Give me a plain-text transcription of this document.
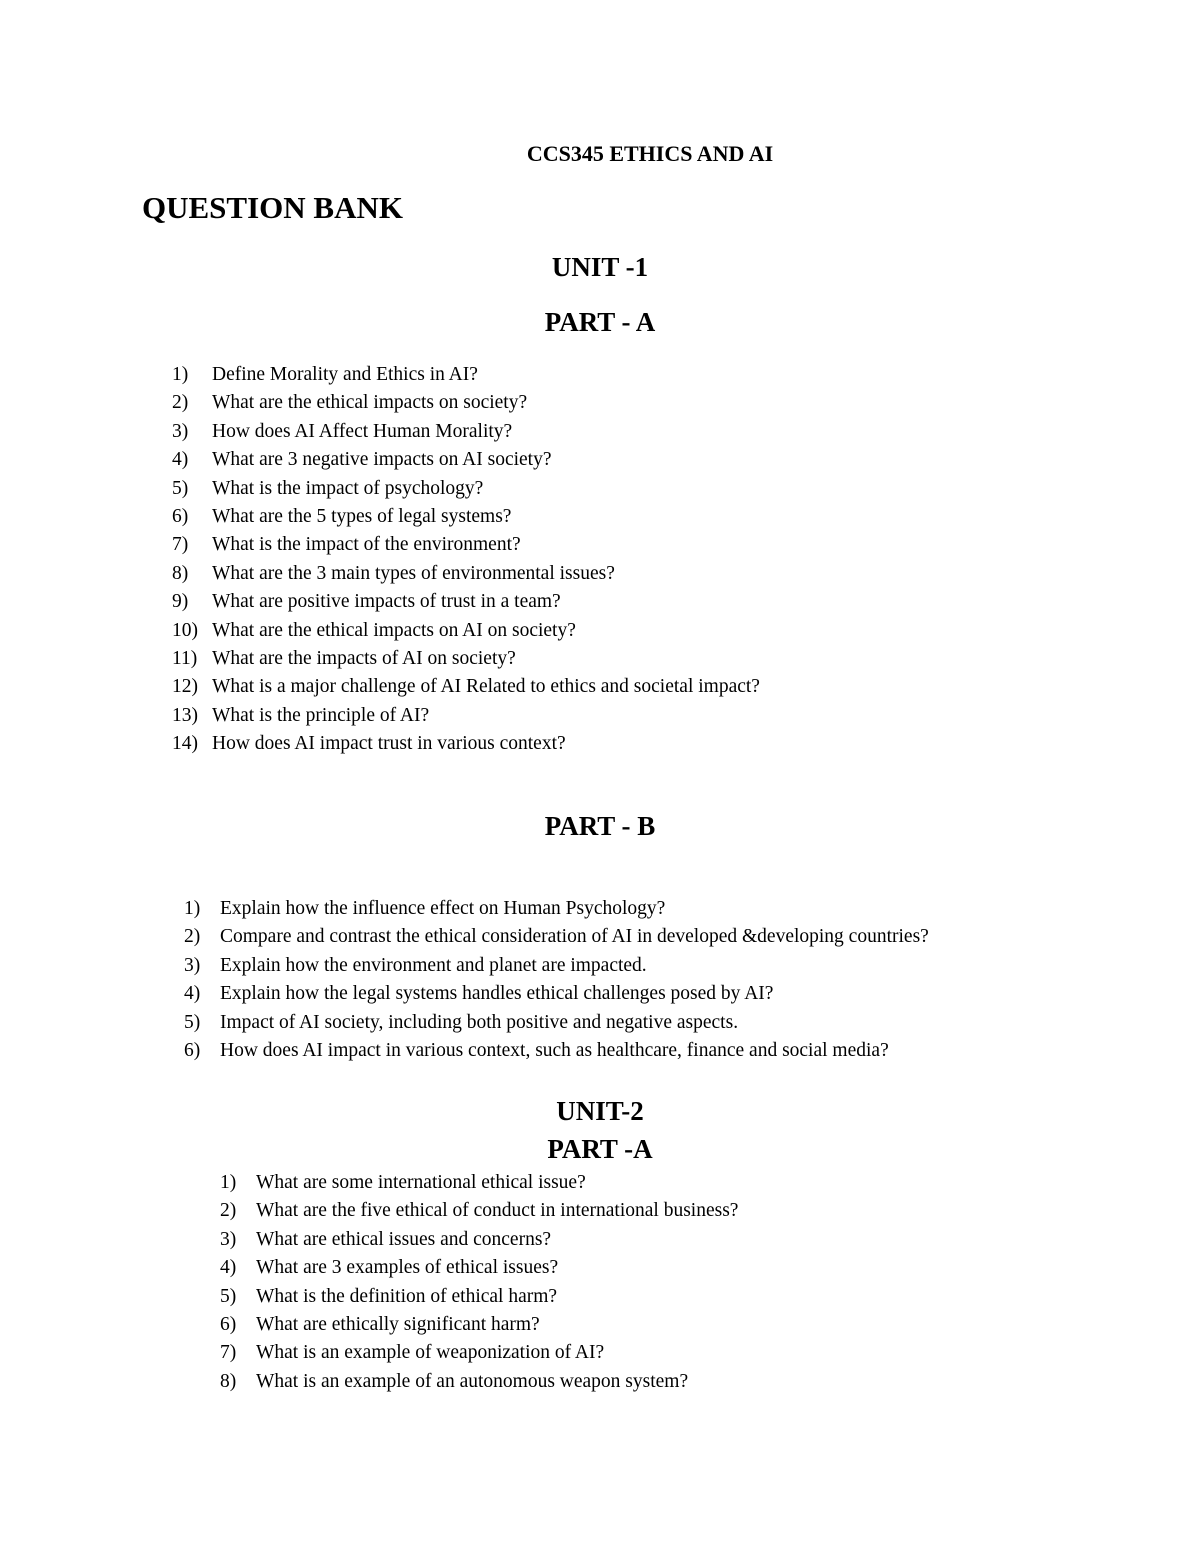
CCS345 ETHICS AND AI
QUESTION BANK
UNIT -1
PART - A
1) Define Morality and Ethics in AI?
2) What are the ethical impacts on society?
3) How does AI Affect Human Morality?
4) What are 3 negative impacts on AI society?
5) What is the impact of psychology?
6) What are the 5 types of legal systems?
7) What is the impact of the environment?
8) What are the 3 main types of environmental issues?
9) What are positive impacts of trust in a team?
10) What are the ethical impacts on AI on society?
11) What are the impacts of AI on society?
12) What is a major challenge of AI Related to ethics and societal impact?
13) What is the principle of AI?
14) How does AI impact trust in various context?
PART - B
1) Explain how the influence effect on Human Psychology?
2) Compare and contrast the ethical consideration of AI in developed &developing countries?
3) Explain how the environment and planet are impacted.
4) Explain how the legal systems handles ethical challenges posed by AI?
5) Impact of AI society, including both positive and negative aspects.
6) How does AI impact in various context, such as healthcare, finance and social media?
UNIT-2
PART -A
1) What are some international ethical issue?
2) What are the five ethical of conduct in international business?
3) What are ethical issues and concerns?
4) What are 3 examples of ethical issues?
5) What is the definition of ethical harm?
6) What are ethically significant harm?
7) What is an example of weaponization of AI?
8) What is an example of an autonomous weapon system?
